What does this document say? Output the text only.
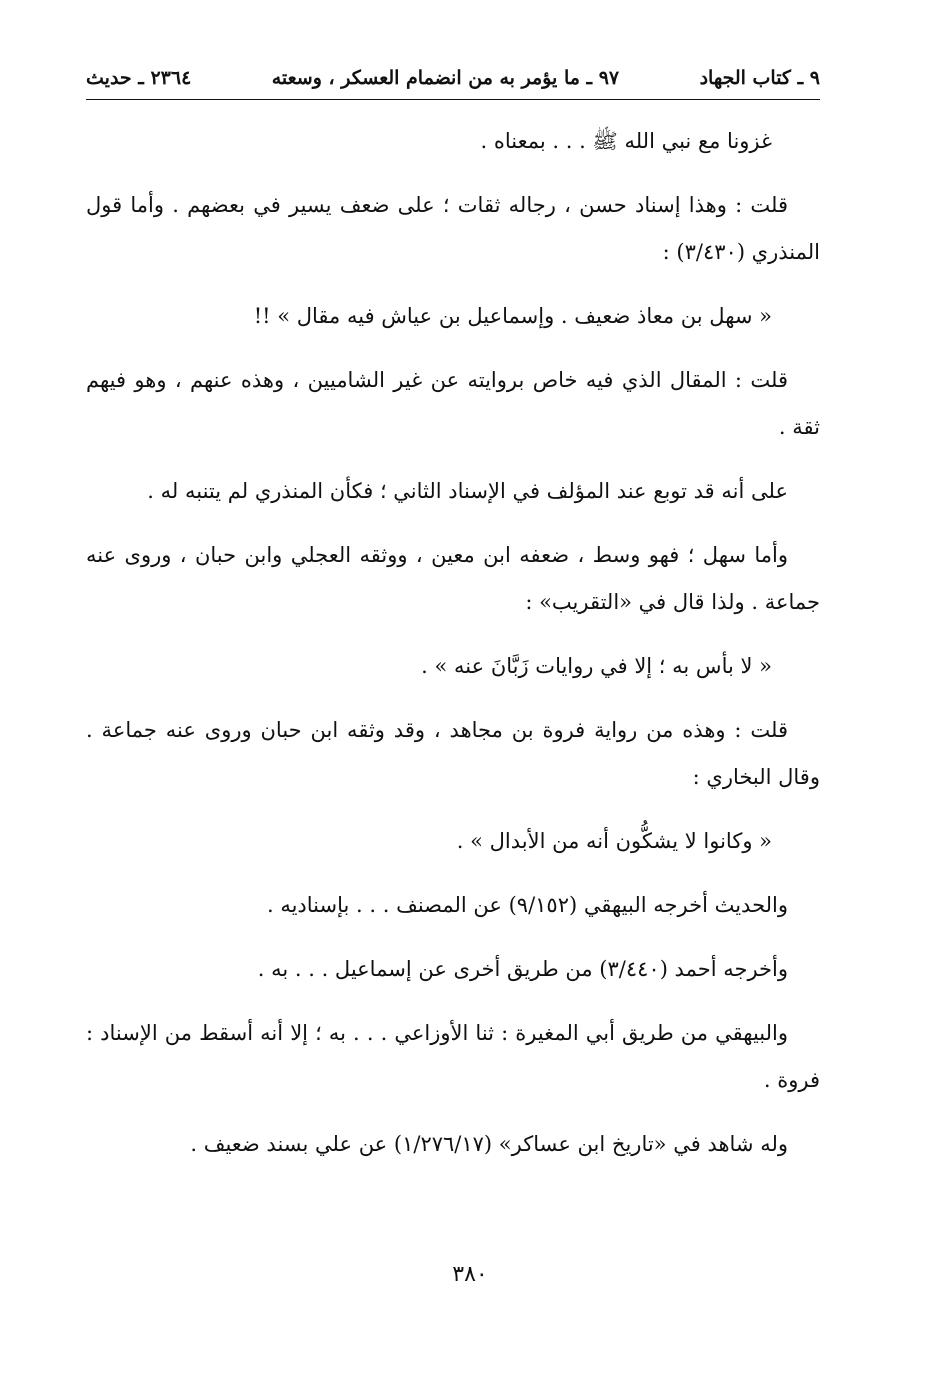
٩ ـ كتاب الجهاد
٩٧ ـ ما يؤمر به من انضمام العسكر ، وسعته
٢٣٦٤ ـ حديث

غزونا مع نبي الله ﷺ . . . بمعناه .

قلت : وهذا إسناد حسن ، رجاله ثقات ؛ على ضعف يسير في بعضهم . وأما قول المنذري (٣/٤٣٠) :

« سهل بن معاذ ضعيف . وإسماعيل بن عياش فيه مقال » !!

قلت : المقال الذي فيه خاص بروايته عن غير الشاميين ، وهذه عنهم ، وهو فيهم ثقة .

على أنه قد توبع عند المؤلف في الإسناد الثاني ؛ فكأن المنذري لم يتنبه له .

وأما سهل ؛ فهو وسط ، ضعفه ابن معين ، ووثقه العجلي وابن حبان ، وروى عنه جماعة . ولذا قال في «التقريب» :

« لا بأس به ؛ إلا في روايات زَبَّانَ عنه » .

قلت : وهذه من رواية فروة بن مجاهد ، وقد وثقه ابن حبان وروى عنه جماعة . وقال البخاري :

« وكانوا لا يشكُّون أنه من الأبدال » .

والحديث أخرجه البيهقي (٩/١٥٢) عن المصنف . . . بإسناديه .

وأخرجه أحمد (٣/٤٤٠) من طريق أخرى عن إسماعيل . . . به .

والبيهقي من طريق أبي المغيرة : ثنا الأوزاعي . . . به ؛ إلا أنه أسقط من الإسناد : فروة .

وله شاهد في «تاريخ ابن عساكر» (١/٢٧٦/١٧) عن علي بسند ضعيف .

٣٨٠
